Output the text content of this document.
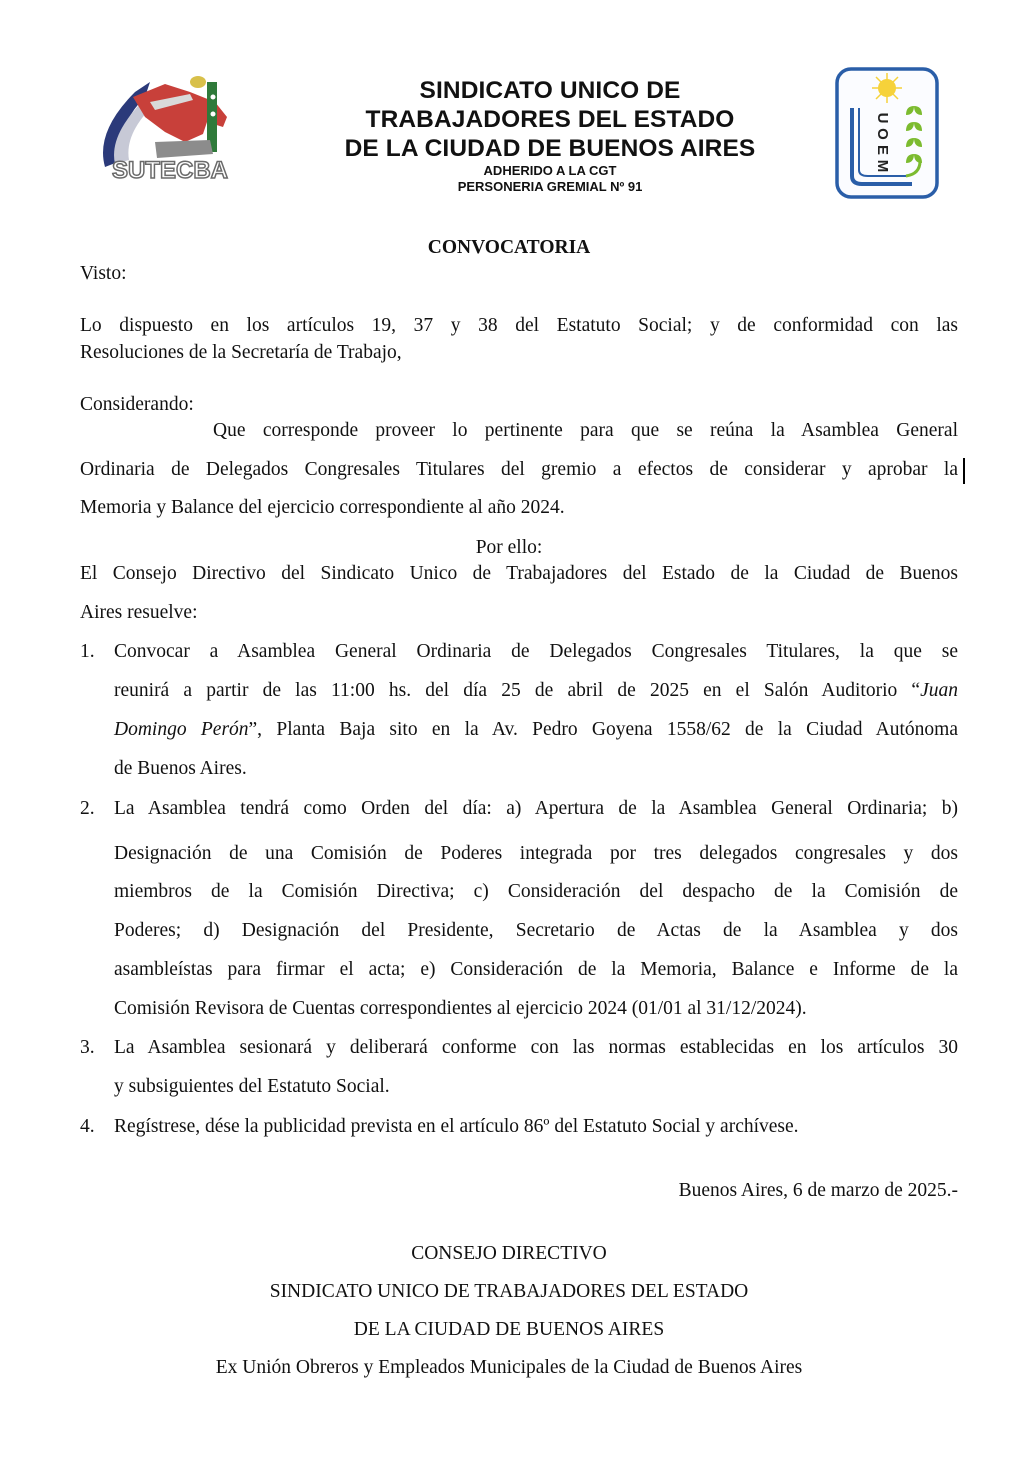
SUTECBA
SINDICATO UNICO DE
TRABAJADORES DEL ESTADO
DE LA CIUDAD DE BUENOS AIRES
ADHERIDO A LA CGT
PERSONERIA GREMIAL Nº 91
U
O
E
M
CONVOCATORIA
Visto:
Lo dispuesto en los artículos 19, 37 y 38 del Estatuto Social; y de conformidad con las
Resoluciones de la Secretaría de Trabajo,
Considerando:
Que corresponde proveer lo pertinente para que se reúna la Asamblea General
Ordinaria de Delegados Congresales Titulares del gremio a efectos de considerar y aprobar la
Memoria y Balance del ejercicio correspondiente al año 2024.
Por ello:
El Consejo Directivo del Sindicato Unico de Trabajadores del Estado de la Ciudad de Buenos
Aires resuelve:
1. Convocar a Asamblea General Ordinaria de Delegados Congresales Titulares, la que se
reunirá a partir de las 11:00 hs. del día 25 de abril de 2025 en el Salón Auditorio “Juan
Domingo Perón”, Planta Baja sito en la Av. Pedro Goyena 1558/62 de la Ciudad Autónoma
de Buenos Aires.
2. La Asamblea tendrá como Orden del día: a) Apertura de la Asamblea General Ordinaria; b)
Designación de una Comisión de Poderes integrada por tres delegados congresales y dos
miembros de la Comisión Directiva; c) Consideración del despacho de la Comisión de
Poderes; d) Designación del Presidente, Secretario de Actas de la Asamblea y dos
asambleístas para firmar el acta; e) Consideración de la Memoria, Balance e Informe de la
Comisión Revisora de Cuentas correspondientes al ejercicio 2024 (01/01 al 31/12/2024).
3. La Asamblea sesionará y deliberará conforme con las normas establecidas en los artículos 30
y subsiguientes del Estatuto Social.
4. Regístrese, dése la publicidad prevista en el artículo 86º del Estatuto Social y archívese.
Buenos Aires, 6 de marzo de 2025.-
CONSEJO DIRECTIVO
SINDICATO UNICO DE TRABAJADORES DEL ESTADO
DE LA CIUDAD DE BUENOS AIRES
Ex Unión Obreros y Empleados Municipales de la Ciudad de Buenos Aires
